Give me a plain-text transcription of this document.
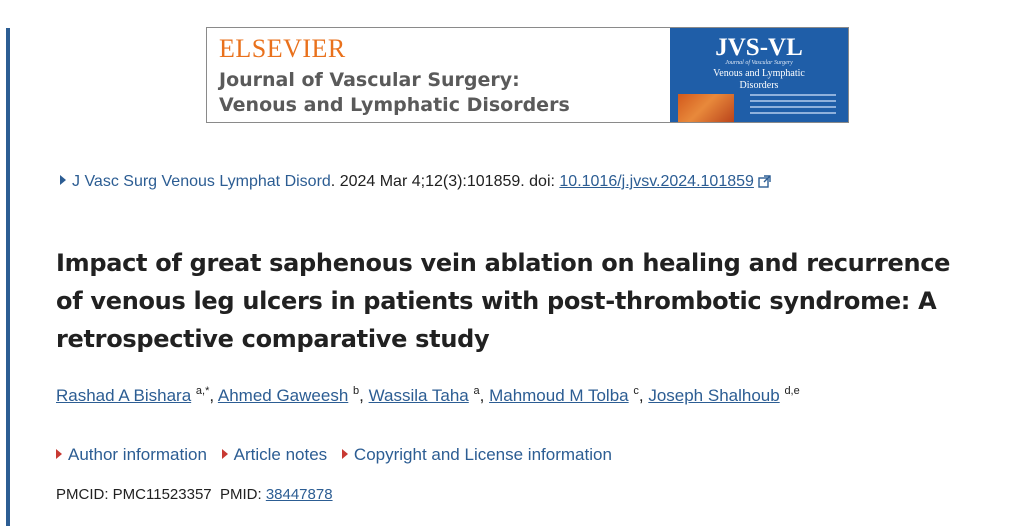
ELSEVIER
Journal of Vascular Surgery:
Venous and Lymphatic Disorders
JVS-VL
Journal of Vascular Surgery
Venous and Lymphatic
Disorders
J Vasc Surg Venous Lymphat Disord. 2024 Mar 4;12(3):101859. doi: 10.1016/j.jvsv.2024.101859
Impact of great saphenous vein ablation on healing and recurrence of venous leg ulcers in patients with post-thrombotic syndrome: A retrospective comparative study
Rashad A Bishara $^{a,*}$, Ahmed Gaweesh $^b$, Wassila Taha $^a$, Mahmoud M Tolba $^c$, Joseph Shalhoub $^{d,e}$
Author information Article notes Copyright and License information
PMCID: PMC11523357 PMID: 38447878
